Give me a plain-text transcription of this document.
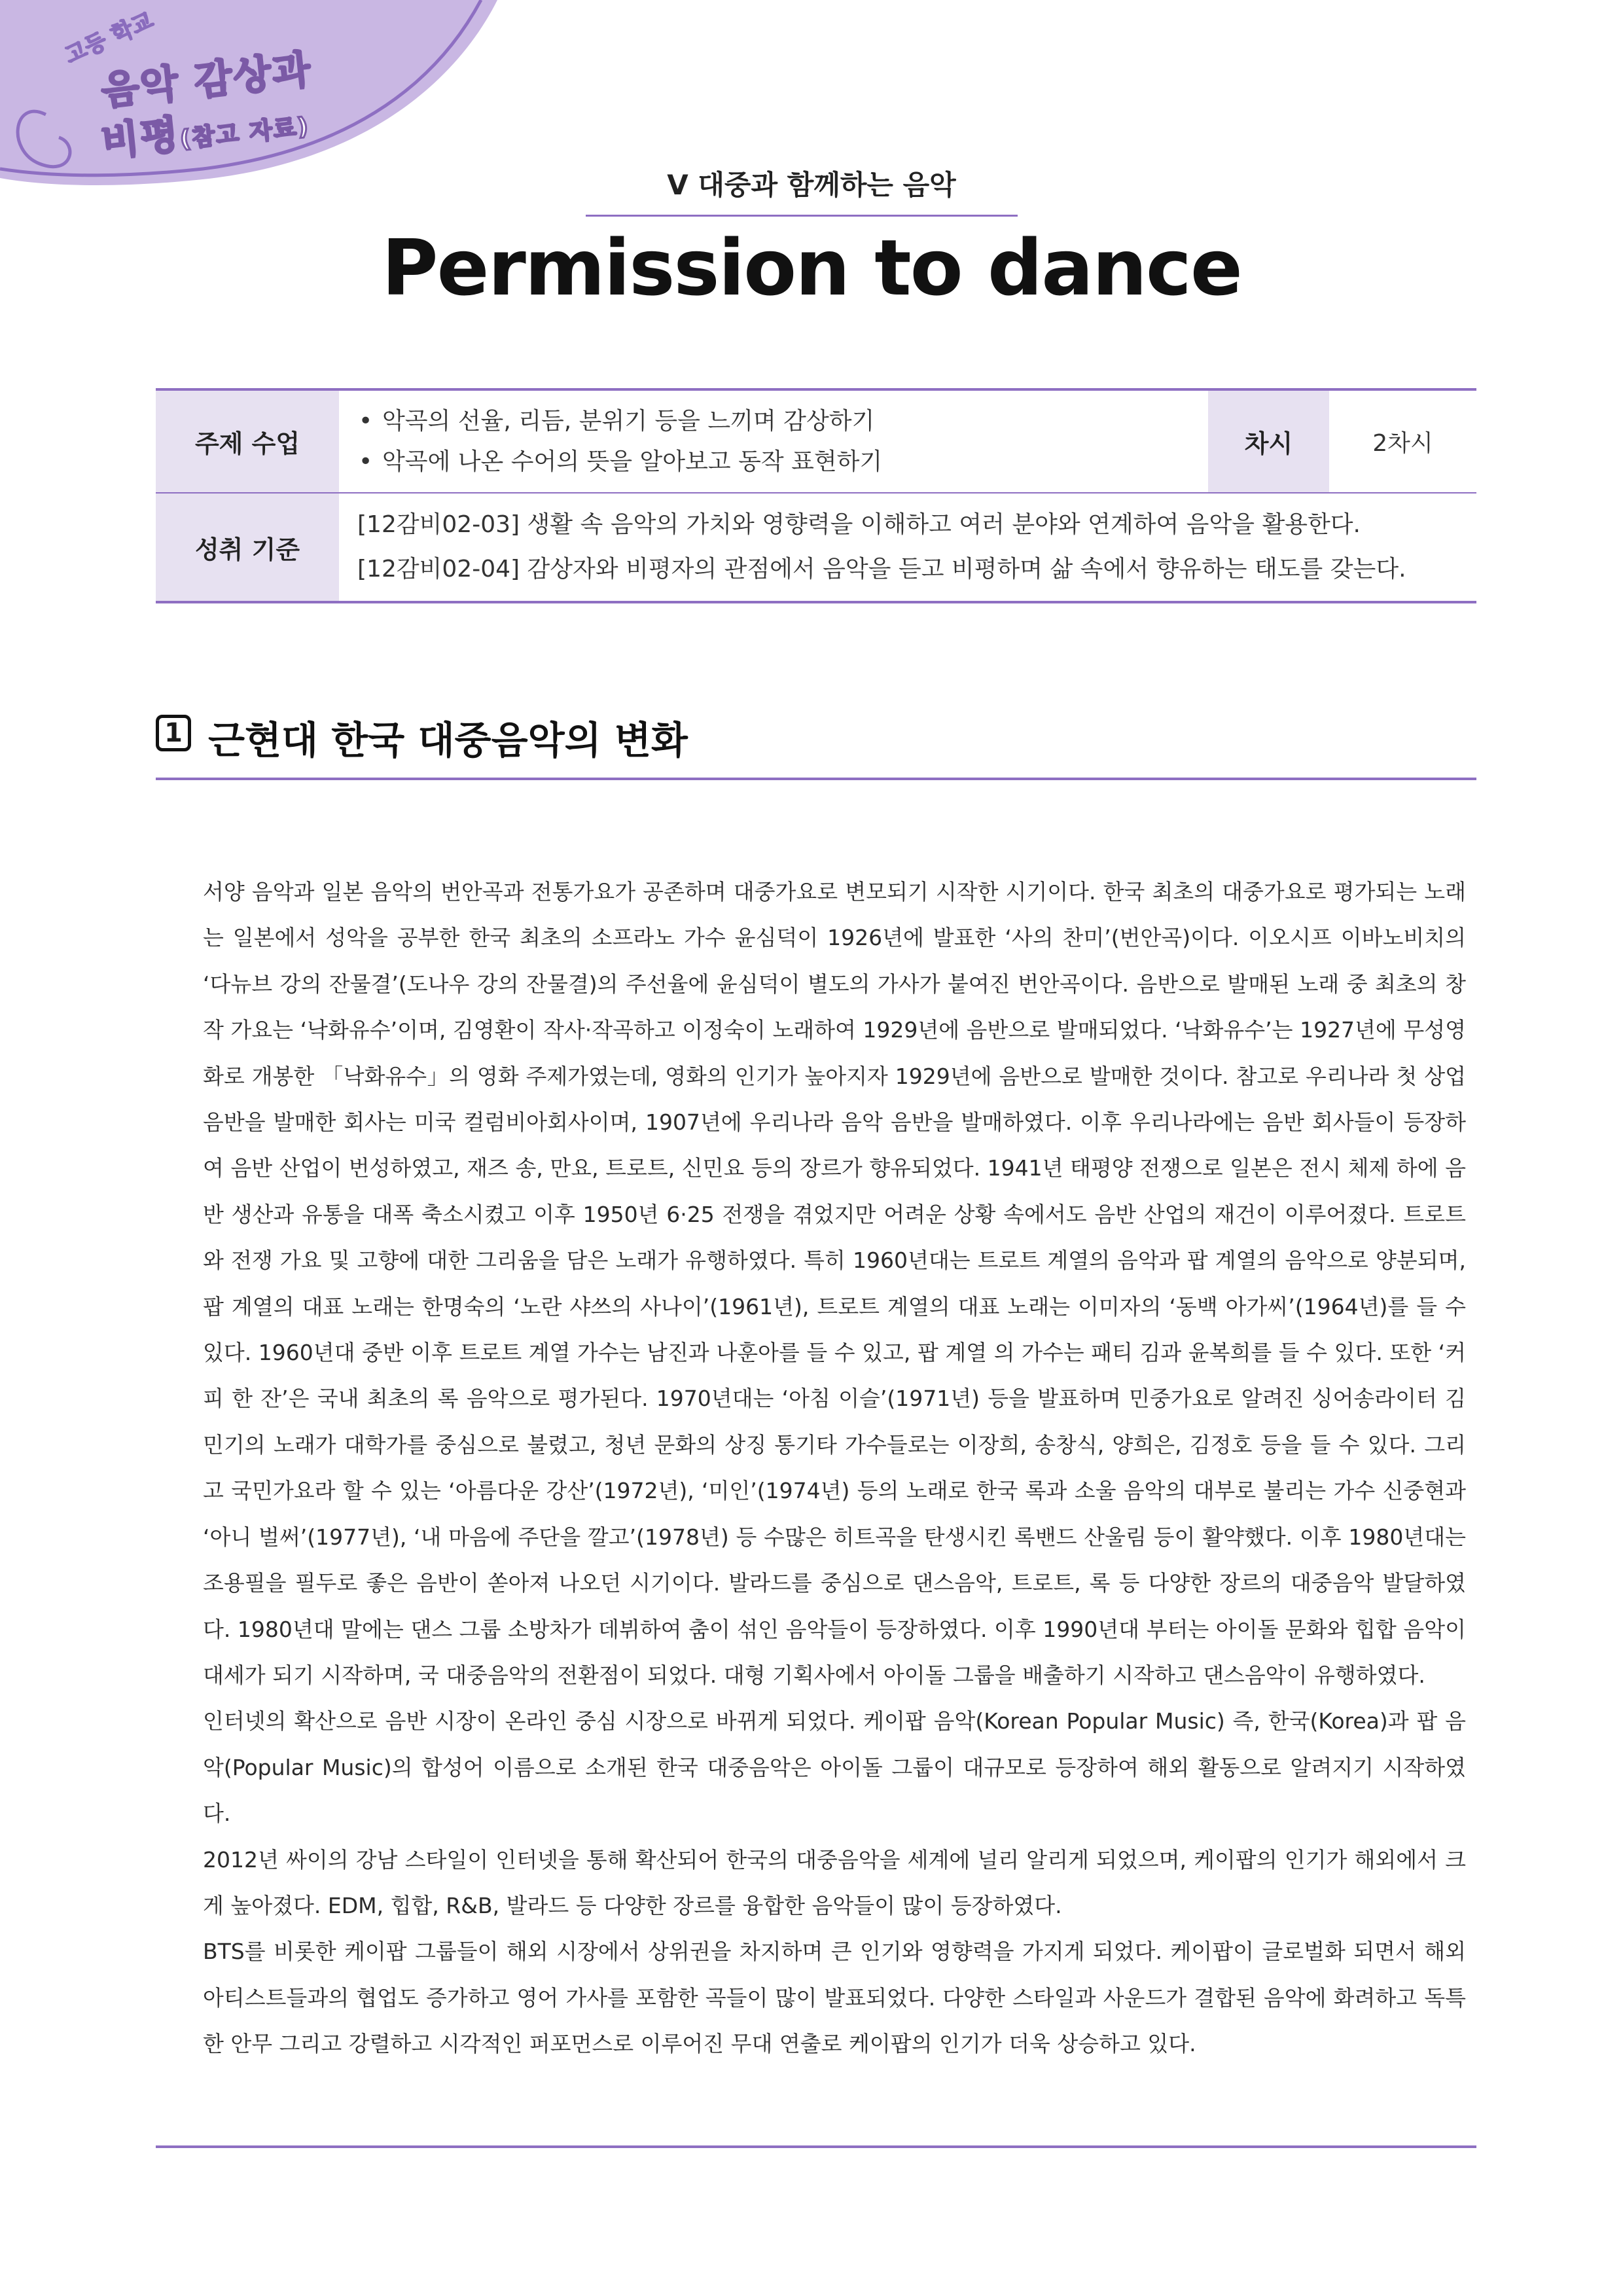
고등 학교
음악 감상과
비평(참고 자료)
V 대중과 함께하는 음악
Permission to dance
주제 수업
• 악곡의 선율, 리듬, 분위기 등을 느끼며 감상하기
• 악곡에 나온 수어의 뜻을 알아보고 동작 표현하기
차시	2차시
성취 기준
[12감비02-03] 생활 속 음악의 가치와 영향력을 이해하고 여러 분야와 연계하여 음악을 활용한다.
[12감비02-04] 감상자와 비평자의 관점에서 음악을 듣고 비평하며 삶 속에서 향유하는 태도를 갖는다.
1 근현대 한국 대중음악의 변화

서양 음악과 일본 음악의 번안곡과 전통가요가 공존하며 대중가요로 변모되기 시작한 시기이다. 한국 최초의 대중가요로 평가되는 노래는 일본에서 성악을 공부한 한국 최초의 소프라노 가수 윤심덕이 1926년에 발표한 ‘사의 찬미’(번안곡)이다. 이오시프 이바노비치의 ‘다뉴브 강의 잔물결’(도나우 강의 잔물결)의 주선율에 윤심덕이 별도의 가사가 붙여진 번안곡이다. 음반으로 발매된 노래 중 최초의 창작 가요는 ‘낙화유수’이며, 김영환이 작사·작곡하고 이정숙이 노래하여 1929년에 음반으로 발매되었다. ‘낙화유수’는 1927년에 무성영화로 개봉한 「낙화유수」의 영화 주제가였는데, 영화의 인기가 높아지자 1929년에 음반으로 발매한 것이다. 참고로 우리나라 첫 상업 음반을 발매한 회사는 미국 컬럼비아회사이며, 1907년에 우리나라 음악 음반을 발매하였다. 이후 우리나라에는 음반 회사들이 등장하여 음반 산업이 번성하였고, 재즈 송, 만요, 트로트, 신민요 등의 장르가 향유되었다. 1941년 태평양 전쟁으로 일본은 전시 체제 하에 음반 생산과 유통을 대폭 축소시켰고 이후 1950년 6·25 전쟁을 겪었지만 어려운 상황 속에서도 음반 산업의 재건이 이루어졌다. 트로트와 전쟁 가요 및 고향에 대한 그리움을 담은 노래가 유행하였다. 특히 1960년대는 트로트 계열의 음악과 팝 계열의 음악으로 양분되며, 팝 계열의 대표 노래는 한명숙의 ‘노란 샤쓰의 사나이’(1961년), 트로트 계열의 대표 노래는 이미자의 ‘동백 아가씨’(1964년)를 들 수 있다. 1960년대 중반 이후 트로트 계열 가수는 남진과 나훈아를 들 수 있고, 팝 계열 의 가수는 패티 김과 윤복희를 들 수 있다. 또한 ‘커피 한 잔’은 국내 최초의 록 음악으로 평가된다. 1970년대는 ‘아침 이슬’(1971년) 등을 발표하며 민중가요로 알려진 싱어송라이터 김민기의 노래가 대학가를 중심으로 불렸고, 청년 문화의 상징 통기타 가수들로는 이장희, 송창식, 양희은, 김정호 등을 들 수 있다. 그리고 국민가요라 할 수 있는 ‘아름다운 강산’(1972년), ‘미인’(1974년) 등의 노래로 한국 록과 소울 음악의 대부로 불리는 가수 신중현과 ‘아니 벌써’(1977년), ‘내 마음에 주단을 깔고’(1978년) 등 수많은 히트곡을 탄생시킨 록밴드 산울림 등이 활약했다. 이후 1980년대는 조용필을 필두로 좋은 음반이 쏟아져 나오던 시기이다. 발라드를 중심으로 댄스음악, 트로트, 록 등 다양한 장르의 대중음악 발달하였다. 1980년대 말에는 댄스 그룹 소방차가 데뷔하여 춤이 섞인 음악들이 등장하였다. 이후 1990년대 부터는 아이돌 문화와 힙합 음악이 대세가 되기 시작하며, 국 대중음악의 전환점이 되었다. 대형 기획사에서 아이돌 그룹을 배출하기 시작하고 댄스음악이 유행하였다.

인터넷의 확산으로 음반 시장이 온라인 중심 시장으로 바뀌게 되었다. 케이팝 음악(Korean Popular Music) 즉, 한국(Korea)과 팝 음악(Popular Music)의 합성어 이름으로 소개된 한국 대중음악은 아이돌 그룹이 대규모로 등장하여 해외 활동으로 알려지기 시작하였다.

2012년 싸이의 강남 스타일이 인터넷을 통해 확산되어 한국의 대중음악을 세계에 널리 알리게 되었으며, 케이팝의 인기가 해외에서 크게 높아졌다. EDM, 힙합, R&B, 발라드 등 다양한 장르를 융합한 음악들이 많이 등장하였다.

BTS를 비롯한 케이팝 그룹들이 해외 시장에서 상위권을 차지하며 큰 인기와 영향력을 가지게 되었다. 케이팝이 글로벌화 되면서 해외 아티스트들과의 협업도 증가하고 영어 가사를 포함한 곡들이 많이 발표되었다. 다양한 스타일과 사운드가 결합된 음악에 화려하고 독특한 안무 그리고 강렬하고 시각적인 퍼포먼스로 이루어진 무대 연출로 케이팝의 인기가 더욱 상승하고 있다.
